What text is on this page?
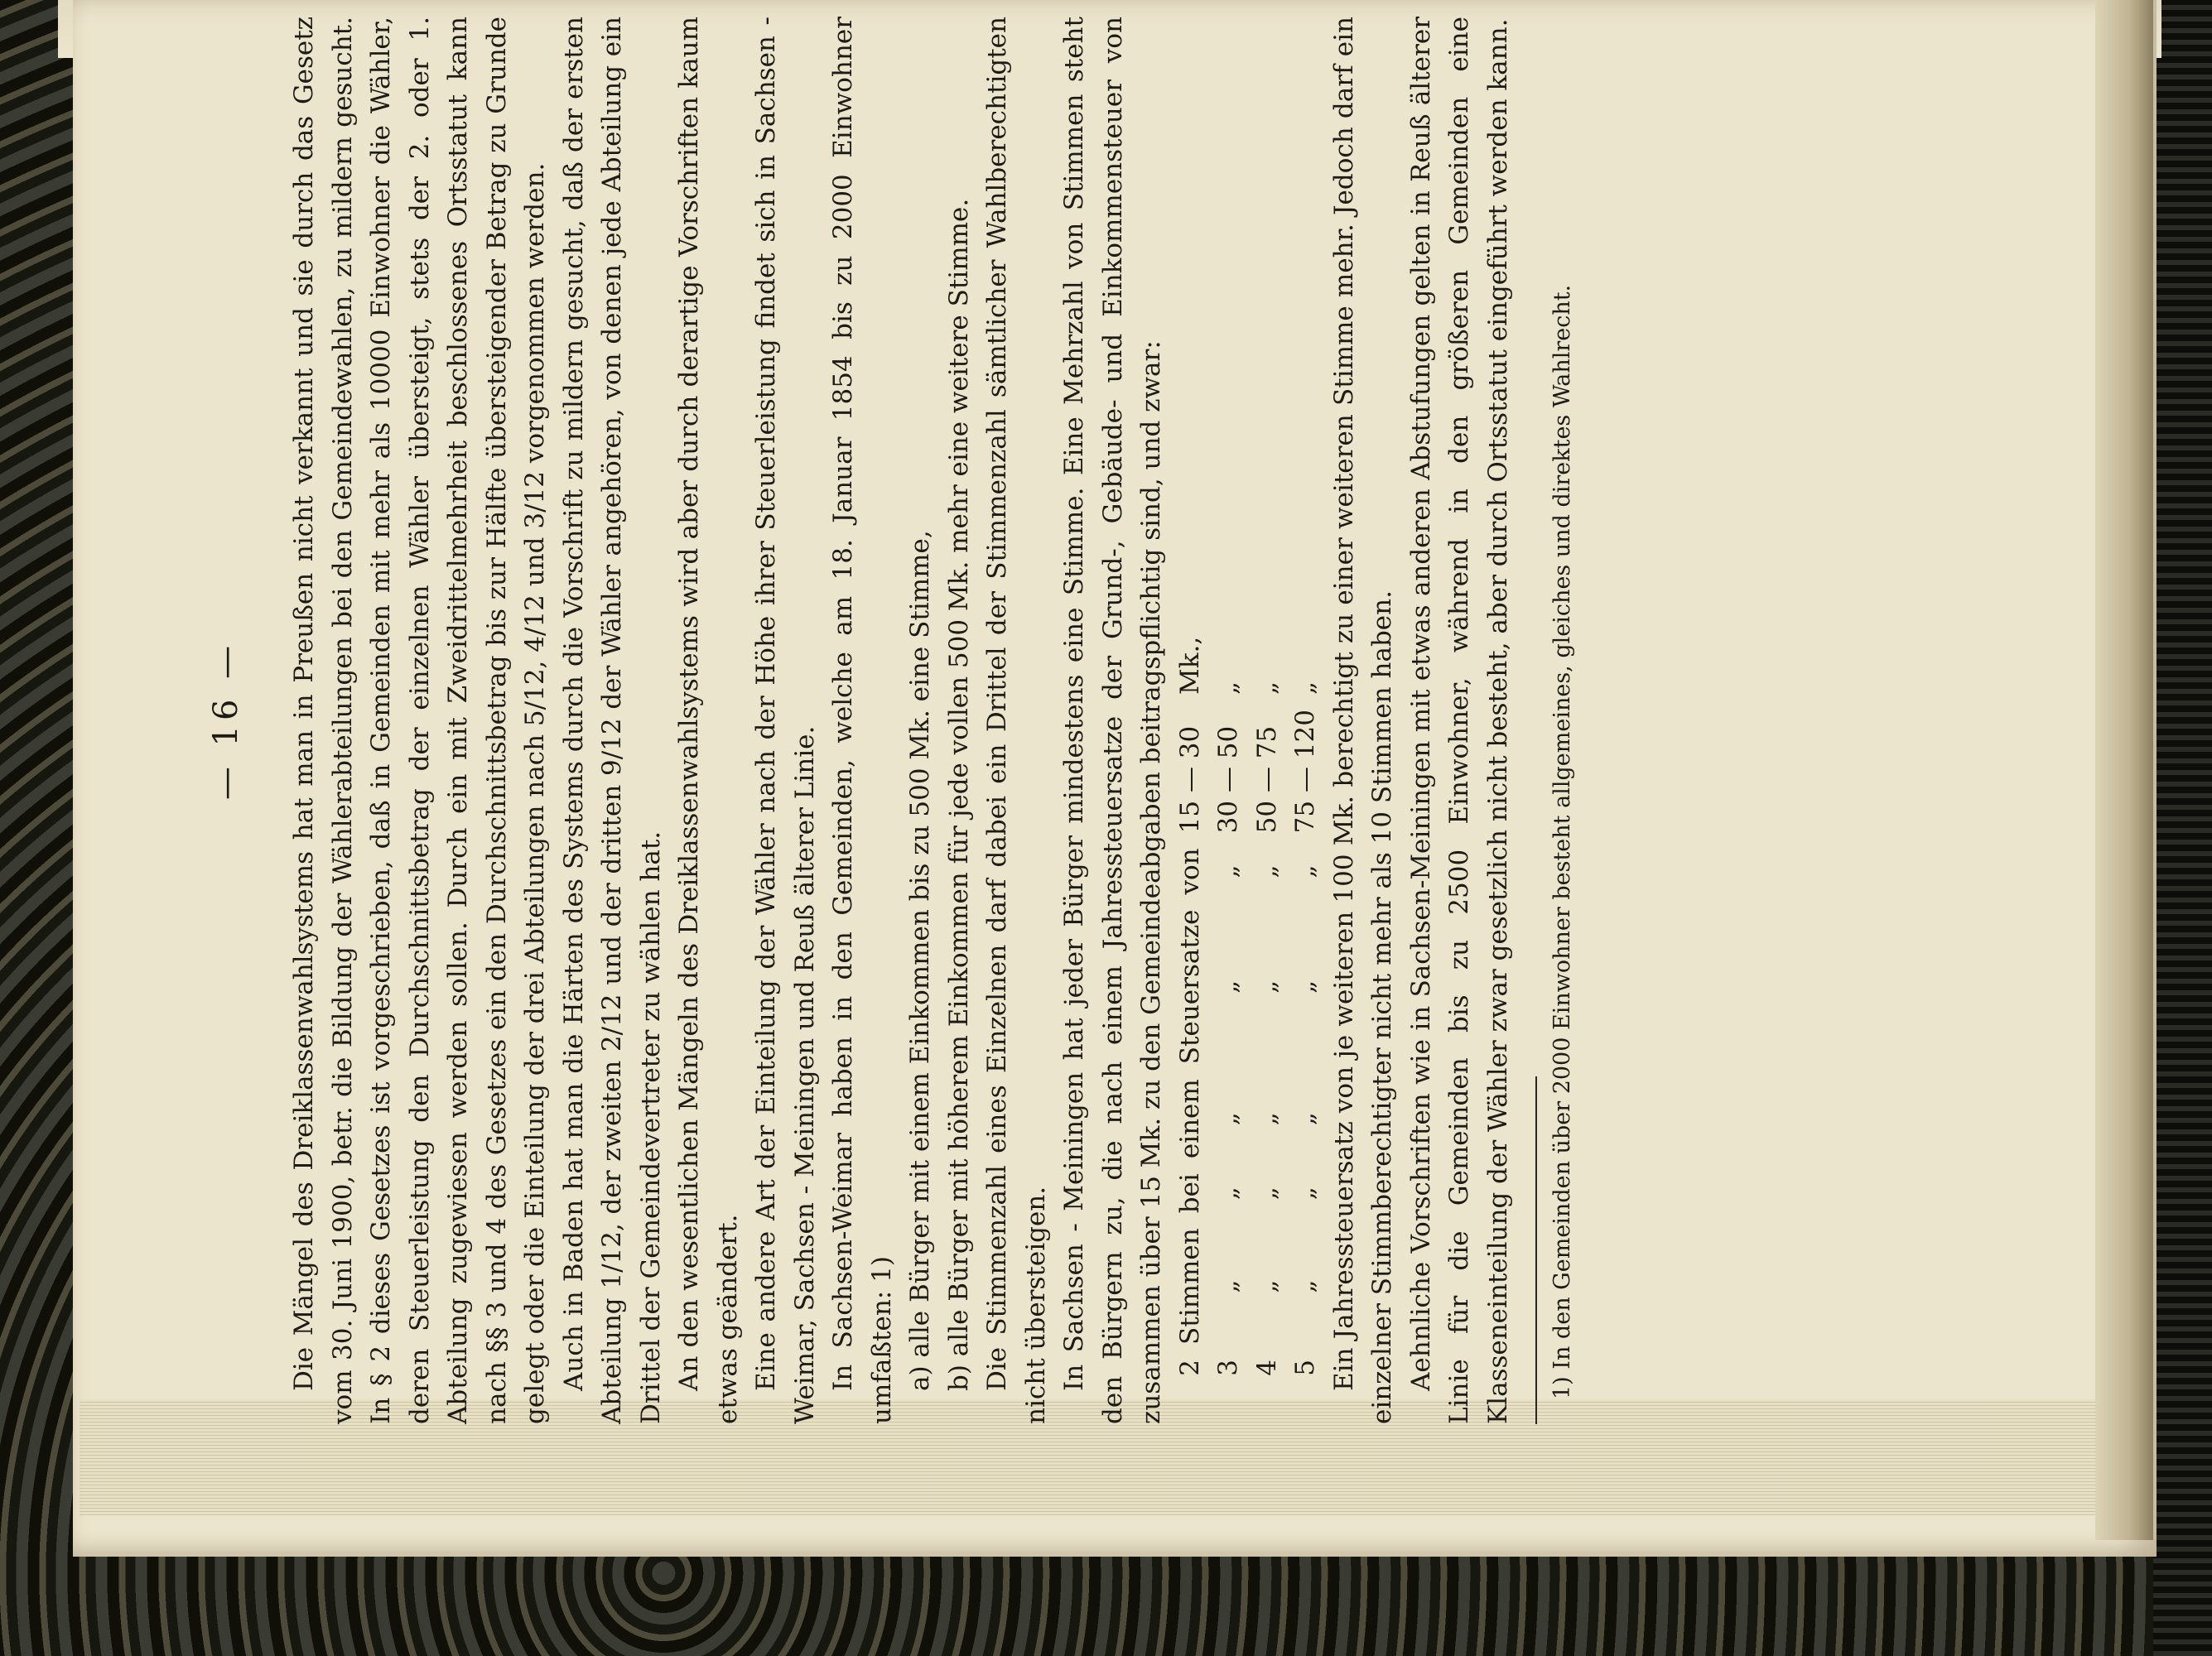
— 16 —	Die Mängel des Dreiklassenwahlsystems hat man in Preußen nicht verkannt und sie durch das Gesetz vom 30. Juni 1900, betr. die Bildung der Wählerabteilungen bei den Gemeindewahlen, zu mildern gesucht. In § 2 dieses Gesetzes ist vorgeschrieben, daß in Gemeinden mit mehr als 10000 Einwohner die Wähler, deren Steuerleistung den Durchschnittsbetrag der einzelnen Wähler übersteigt, stets der 2. oder 1. Abteilung zugewiesen werden sollen. Durch ein mit Zweidrittelmehrheit beschlossenes Ortsstatut kann nach §§ 3 und 4 des Gesetzes ein den Durchschnittsbetrag bis zur Hälfte übersteigender Betrag zu Grunde gelegt oder die Einteilung der drei Abteilungen nach 5/12, 4/12 und 3/12 vorgenommen werden. Auch in Baden hat man die Härten des Systems durch die Vorschrift zu mildern gesucht, daß der ersten Abteilung 1/12, der zweiten 2/12 und der dritten 9/12 der Wähler angehören, von denen jede Abteilung ein Drittel der Gemeindevertreter zu wählen hat. An den wesentlichen Mängeln des Dreiklassenwahlsystems wird aber durch derartige Vorschriften kaum etwas geändert. Eine andere Art der Einteilung der Wähler nach der Höhe ihrer Steuerleistung findet sich in Sachsen - Weimar, Sachsen - Meiningen und Reuß älterer Linie. In Sachsen-Weimar haben in den Gemeinden, welche am 18. Januar 1854 bis zu 2000 Einwohner umfaßten: 1) a) alle Bürger mit einem Einkommen bis zu 500 Mk. eine Stimme, b) alle Bürger mit höherem Einkommen für jede vollen 500 Mk. mehr eine weitere Stimme. Die Stimmenzahl eines Einzelnen darf dabei ein Drittel der Stimmenzahl sämtlicher Wahlberechtigten nicht übersteigen. In Sachsen - Meiningen hat jeder Bürger mindestens eine Stimme. Eine Mehrzahl von Stimmen steht den Bürgern zu, die nach einem Jahressteuersatze der Grund-, Gebäude- und Einkommensteuer von zusammen über 15 Mk. zu den Gemeindeabgaben beitragspflichtig sind, und zwar: 2	Stimmen	bei	einem	Steuersatze	von	15 — 30	Mk.,
3	„	„	„	„	„	30 — 50	„
4	„	„	„	„	„	50 — 75	„
5	„	„	„	„	„	75 — 120	„ Ein Jahressteuersatz von je weiteren 100 Mk. berechtigt zu einer weiteren Stimme mehr. Jedoch darf ein einzelner Stimmberechtigter nicht mehr als 10 Stimmen haben. Aehnliche Vorschriften wie in Sachsen-Meiningen mit etwas anderen Abstufungen gelten in Reuß älterer Linie für die Gemeinden bis zu 2500 Einwohner, während in den größeren Gemeinden eine Klasseneinteilung der Wähler zwar gesetzlich nicht besteht, aber durch Ortsstatut eingeführt werden kann. 1) In den Gemeinden über 2000 Einwohner besteht allgemeines, gleiches und direktes Wahlrecht.
